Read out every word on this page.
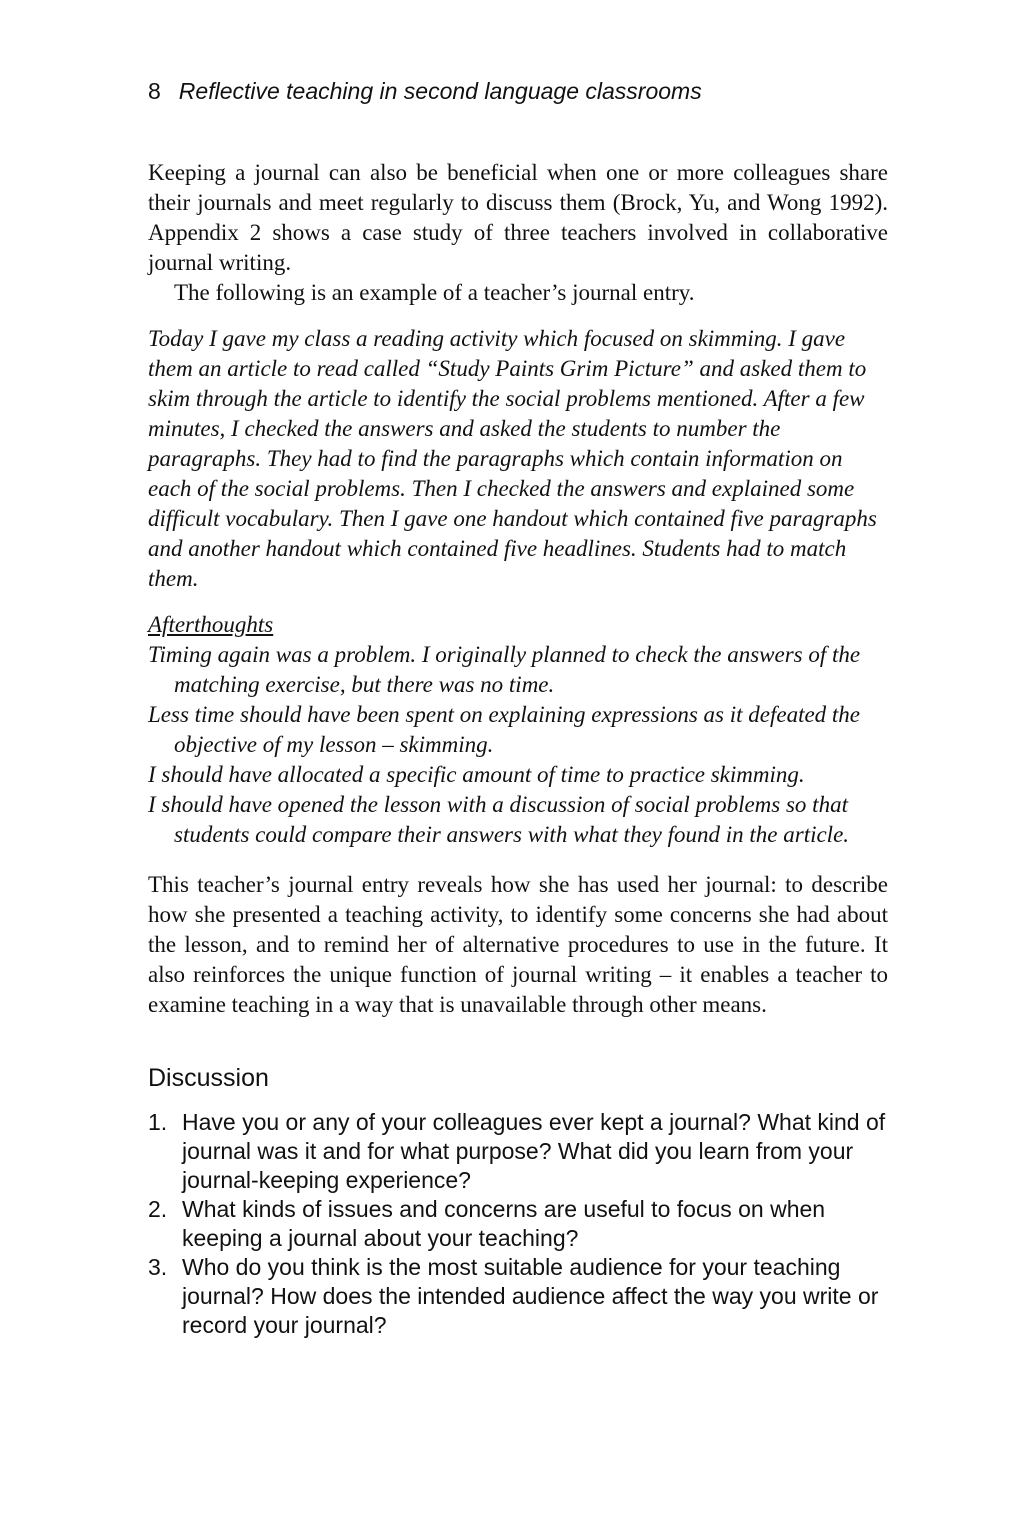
8 Reflective teaching in second language classrooms

Keeping a journal can also be beneficial when one or more colleagues share their journals and meet regularly to discuss them (Brock, Yu, and Wong 1992). Appendix 2 shows a case study of three teachers involved in collaborative journal writing.

The following is an example of a teacher’s journal entry.

Today I gave my class a reading activity which focused on skimming. I gave them an article to read called “Study Paints Grim Picture” and asked them to skim through the article to identify the social problems mentioned. After a few minutes, I checked the answers and asked the students to number the paragraphs. They had to find the paragraphs which contain information on each of the social problems. Then I checked the answers and explained some difficult vocabulary. Then I gave one handout which contained five paragraphs and another handout which contained five headlines. Students had to match them.

Afterthoughts
Timing again was a problem. I originally planned to check the answers of the matching exercise, but there was no time.
Less time should have been spent on explaining expressions as it defeated the objective of my lesson – skimming.
I should have allocated a specific amount of time to practice skimming.
I should have opened the lesson with a discussion of social problems so that students could compare their answers with what they found in the article.

This teacher’s journal entry reveals how she has used her journal: to describe how she presented a teaching activity, to identify some concerns she had about the lesson, and to remind her of alternative procedures to use in the future. It also reinforces the unique function of journal writing – it enables a teacher to examine teaching in a way that is unavailable through other means.

Discussion
1. Have you or any of your colleagues ever kept a journal? What kind of journal was it and for what purpose? What did you learn from your journal-keeping experience?
2. What kinds of issues and concerns are useful to focus on when keeping a journal about your teaching?
3. Who do you think is the most suitable audience for your teaching journal? How does the intended audience affect the way you write or record your journal?
